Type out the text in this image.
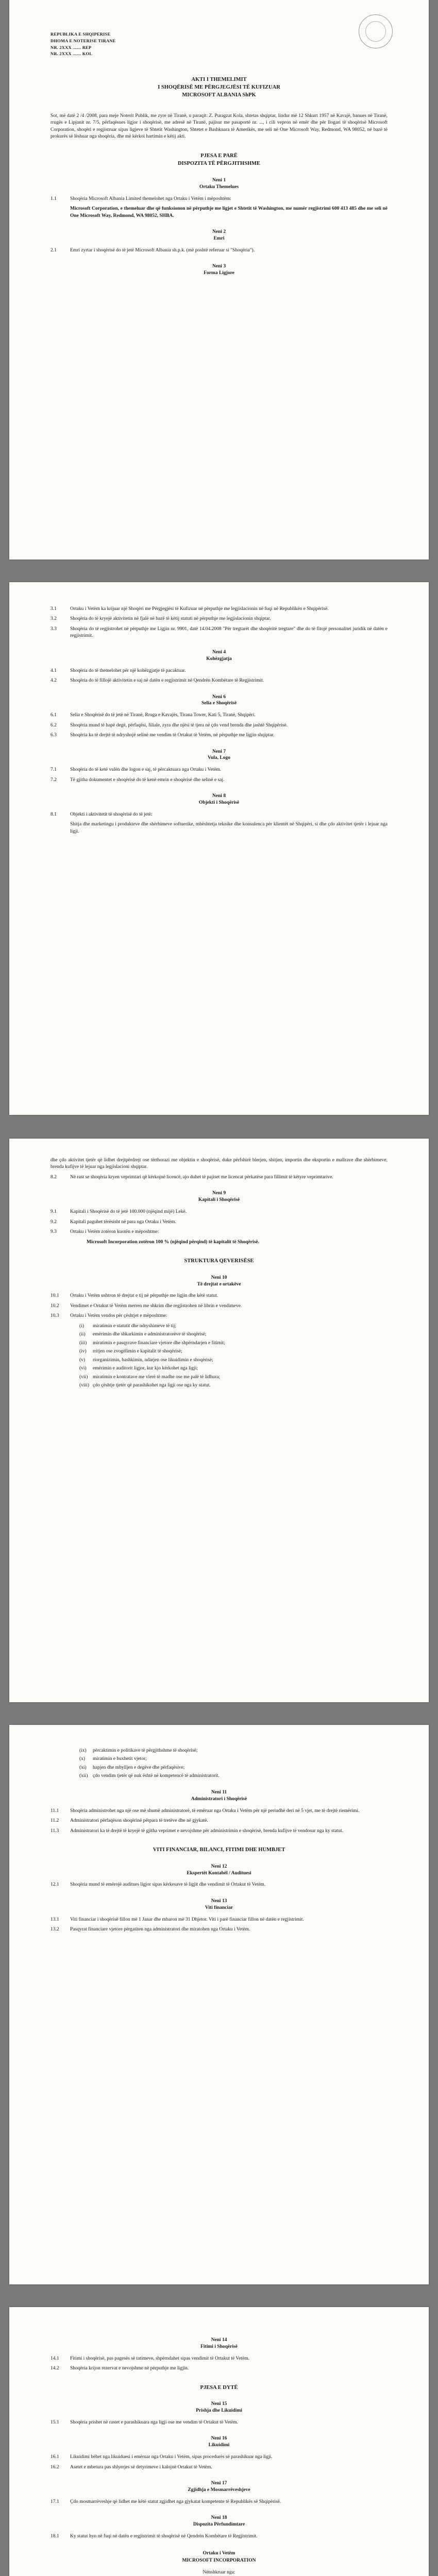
REPUBLIKA E SHQIPERISE
DHOMA E NOTERISE TIRANE
NR. 2XXX ....... REP
NR. 2XXX ....... KOL
AKTI I THEMELIMIT
I SHOQËRISË ME PËRGJEGJËSI TË KUFIZUAR
MICROSOFT ALBANIA ShPK
Sot, më datë 2 /4 /2008, para meje Noterit Publik, me zyre në Tiranë, u paraqit: Z. Puragzat Kola, shtetas shqiptar, lindur më 12 Shkurt 1957 në Kavajë, banues në Tiranë, rrugës e Lipjanit nr. 7/5, përfaqësues ligjor i shoqërisë, me adresë në Tiranë, pajisur me pasaportë nr. ..., i cili vepron në emër dhe për llogari të shoqërisë Microsoft Corporation, shoqëri e regjistruar sipas ligjeve të Shtetit Washington, Shtetet e Bashkuara të Amerikës, me seli në One Microsoft Way, Redmond, WA 98052, në bazë të prokurës së lëshuar nga shoqëria, dhe më kërkoi hartimin e këtij akti.
PJESA E PARË
DISPOZITA TË PËRGJITHSHME
Neni 1
Ortaku Themelues
1.1	Shoqëria Microsoft Albania Limited themelohet nga Ortaku i Vetëm i mëposhtëm:
Microsoft Corporation, e themeluar dhe që funksionon në përputhje me ligjet e Shtetit të Washington, me numër regjistrimi 600 413 485 dhe me seli në One Microsoft Way, Redmond, WA 98052, SHBA.
Neni 2
Emri
2.1	Emri zyrtar i shoqërisë do të jetë Microsoft Albania sh.p.k. (më poshtë referuar si "Shoqëria").
Neni 3
Forma Ligjore
3.1	Ortaku i Vetëm ka krijuar një Shoqëri me Përgjegjësi të Kufizuar në përputhje me legjislacionin në fuqi në Republikën e Shqipërisë.
3.2	Shoqëria do të kryejë aktivitetin në fjalë në bazë të këtij statuti në përputhje me legjislacionin shqiptar.
3.3	Shoqëria do të regjistrohet në përputhje me Ligjin nr. 9901, datë 14.04.2008 "Për tregtarët dhe shoqëritë tregtare" dhe do të fitojë personalitet juridik në datën e regjistrimit.
Neni 4
Kohëzgjatja
4.1	Shoqëria do të themelohet për një kohëzgjatje të pacaktuar.
4.2	Shoqëria do të fillojë aktivitetin e saj në datën e regjistrimit në Qendrën Kombëtare të Regjistrimit.
Neni 6
Selia e Shoqërisë
6.1	Selia e Shoqërisë do të jetë në Tiranë, Rruga e Kavajës, Tirana Tower, Kati 5, Tiranë, Shqipëri.
6.2	Shoqëria mund të hapë degë, përfaqësi, filiale, zyra dhe njësi të tjera në çdo vend brenda dhe jashtë Shqipërisë.
6.3	Shoqëria ka të drejtë të ndryshojë selinë me vendim të Ortakut të Vetëm, në përputhje me ligjin shqiptar.
Neni 7
Vula, Logo
7.1	Shoqëria do të ketë vulën dhe logon e saj, të përcaktuara nga Ortaku i Vetëm.
7.2	Të gjitha dokumentet e shoqërisë do të kenë emrin e shoqërisë dhe selinë e saj.
Neni 8
Objekti i Shoqërisë
8.1	Objekti i aktivitetit të shoqërisë do të jetë:
Shitja dhe marketingu i produkteve dhe shërbimeve softuerike, mbështetja teknike dhe konsulenca për klientët në Shqipëri, si dhe çdo aktivitet tjetër i lejuar nga ligji.
dhe çdo aktivitet tjetër që lidhet drejtpërdrejt ose tërthorazi me objektin e shoqërisë, duke përfshirë blerjen, shitjen, importin dhe eksportin e mallrave dhe shërbimeve, brenda kufijve të lejuar nga legjislacioni shqiptar.
8.2	Në rast se shoqëria kryen veprimtari që kërkojnë licencë, ajo duhet të pajiset me licencat përkatëse para fillimit të këtyre veprimtarive.
Neni 9
Kapitali i Shoqërisë
9.1	Kapitali i Shoqërisë do të jetë 100.000 (njëqind mijë) Lekë.
9.2	Kapitali paguhet tërësisht në para nga Ortaku i Vetëm.
9.3	Ortaku i Vetëm zotëron kuotën e mëposhtme:
Microsoft Incorporation zotëron 100 % (njëqind përqind) të kapitalit të Shoqërisë.
STRUKTURA QEVERISËSE
Neni 10
Të drejtat e ortakëve
10.1	Ortaku i Vetëm ushtron të drejtat e tij në përputhje me ligjin dhe këtë statut.
10.2	Vendimet e Ortakut të Vetëm merren me shkrim dhe regjistrohen në librin e vendimeve.
10.3	Ortaku i Vetëm vendos për çështjet e mëposhtme:
(i)	miratimin e statutit dhe ndryshimeve të tij;
(ii)	emërimin dhe shkarkimin e administratorëve të shoqërisë;
(iii)	miratimin e pasqyrave financiare vjetore dhe shpërndarjen e fitimit;
(iv)	rritjen ose zvogëlimin e kapitalit të shoqërisë;
(v)	riorganizimin, bashkimin, ndarjen ose likuidimin e shoqërisë;
(vi)	emërimin e auditorit ligjor, kur kjo kërkohet nga ligji;
(vii)	miratimin e kontratave me vlerë të madhe ose me palë të lidhura;
(viii) çdo çështje tjetër që parashikohet nga ligji ose nga ky statut.
(ix)	përcaktimin e politikave të përgjithshme të shoqërisë;
(x)	miratimin e buxhetit vjetor;
(xi)	hapjen dhe mbylljen e degëve dhe përfaqësive;
(xii)	çdo vendim tjetër që nuk është në kompetencë të administratorit.
Neni 11
Administratori i Shoqërisë
11.1	Shoqëria administrohet nga një ose më shumë administratorë, të emëruar nga Ortaku i Vetëm për një periudhë deri në 5 vjet, me të drejtë riemërimi.
11.2	Administratori përfaqëson shoqërinë përpara të tretëve dhe në gjykatë.
11.3	Administratori ka të drejtë të kryejë të gjitha veprimet e nevojshme për administrimin e shoqërisë, brenda kufijve të vendosur nga ky statut.
VITI FINANCIAR, BILANCI, FITIMI DHE HUMBJET
Neni 12
Ekspertët Kontabël / Audituesi
12.1	Shoqëria mund të emërojë auditues ligjor sipas kërkesave të ligjit dhe vendimit të Ortakut të Vetëm.
Neni 13
Viti financiar
13.1	Viti financiar i shoqërisë fillon më 1 Janar dhe mbaron më 31 Dhjetor. Viti i parë financiar fillon në datën e regjistrimit.
13.2	Pasqyrat financiare vjetore përgatiten nga administratori dhe miratohen nga Ortaku i Vetëm.
Neni 14
Fitimi i Shoqërisë
14.1	Fitimi i shoqërisë, pas pagesës së tatimeve, shpërndahet sipas vendimit të Ortakut të Vetëm.
14.2	Shoqëria krijon rezervat e nevojshme në përputhje me ligjin.
PJESA E DYTË
Neni 15
Prishja dhe Likuidimi
15.1	Shoqëria prishet në rastet e parashikuara nga ligji ose me vendim të Ortakut të Vetëm.
Neni 16
Likuidimi
16.1	Likuidimi bëhet nga likuiduesi i emëruar nga Ortaku i Vetëm, sipas procedurës së parashikuar nga ligji.
16.2	Asetet e mbetura pas shlyerjes së detyrimeve i kalojnë Ortakut të Vetëm.
Neni 17
Zgjidhja e Mosmarrëveshjeve
17.1	Çdo mosmarrëveshje që lidhet me këtë statut zgjidhet nga gjykatat kompetente të Republikës së Shqipërisë.
Neni 18
Dispozita Përfundimtare
18.1	Ky statut hyn në fuqi në datën e regjistrimit të shoqërisë në Qendrën Kombëtare të Regjistrimit.
Ortaku i Vetëm
MICROSOFT INCORPORATION
Nënshkruar nga:
